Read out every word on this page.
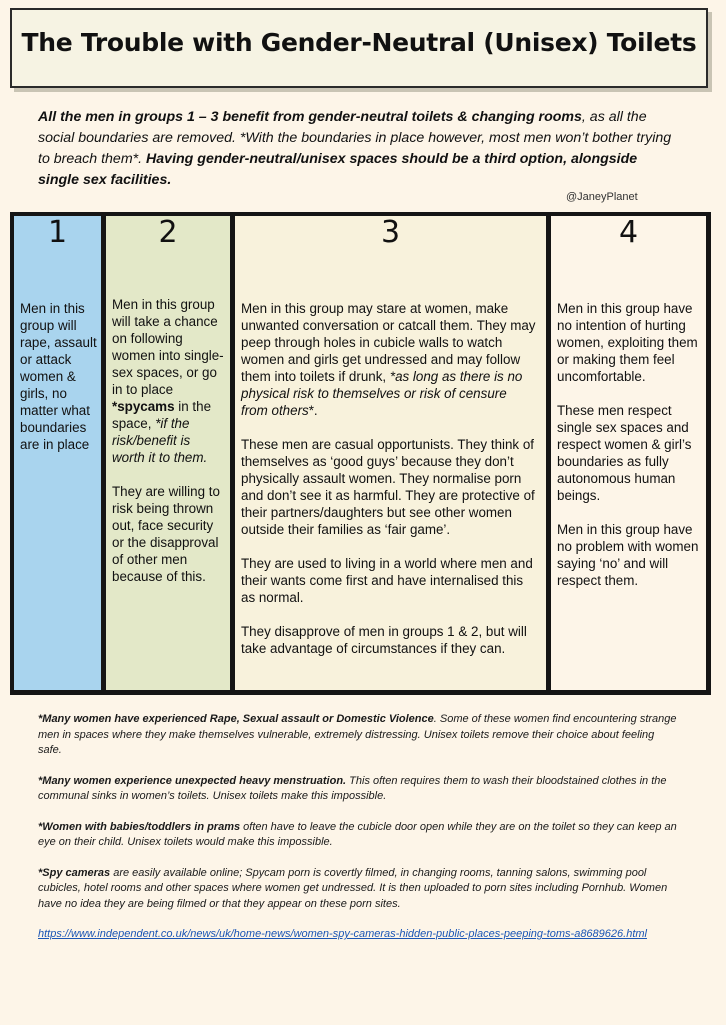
The Trouble with Gender-Neutral (Unisex) Toilets
All the men in groups 1 – 3 benefit from gender-neutral toilets & changing rooms, as all the social boundaries are removed. *With the boundaries in place however, most men won’t bother trying to breach them*. Having gender-neutral/unisex spaces should be a third option, alongside single sex facilities.
@JaneyPlanet
1

Men in this group will rape, assault or attack women & girls, no matter what boundaries are in place

2

Men in this group will take a chance on following women into single-sex spaces, or go in to place *spycams in the space, *if the risk/benefit is worth it to them.

They are willing to risk being thrown out, face security or the disapproval of other men because of this.

3

Men in this group may stare at women, make unwanted conversation or catcall them. They may peep through holes in cubicle walls to watch women and girls get undressed and may follow them into toilets if drunk, *as long as there is no physical risk to themselves or risk of censure from others*.

These men are casual opportunists. They think of themselves as ‘good guys’ because they don’t physically assault women. They normalise porn and don’t see it as harmful. They are protective of their partners/daughters but see other women outside their families as ‘fair game’.

They are used to living in a world where men and their wants come first and have internalised this as normal.

They disapprove of men in groups 1 & 2, but will take advantage of circumstances if they can.

4

Men in this group have no intention of hurting women, exploiting them or making them feel uncomfortable.

These men respect single sex spaces and respect women & girl’s boundaries as fully autonomous human beings.

Men in this group have no problem with women saying ‘no’ and will respect them.

*Many women have experienced Rape, Sexual assault or Domestic Violence. Some of these women find encountering strange men in spaces where they make themselves vulnerable, extremely distressing. Unisex toilets remove their choice about feeling safe.

*Many women experience unexpected heavy menstruation. This often requires them to wash their bloodstained clothes in the communal sinks in women’s toilets. Unisex toilets make this impossible.

*Women with babies/toddlers in prams often have to leave the cubicle door open while they are on the toilet so they can keep an eye on their child. Unisex toilets would make this impossible.

*Spy cameras are easily available online; Spycam porn is covertly filmed, in changing rooms, tanning salons, swimming pool cubicles, hotel rooms and other spaces where women get undressed. It is then uploaded to porn sites including Pornhub. Women have no idea they are being filmed or that they appear on these porn sites.

https://www.independent.co.uk/news/uk/home-news/women-spy-cameras-hidden-public-places-peeping-toms-a8689626.html
